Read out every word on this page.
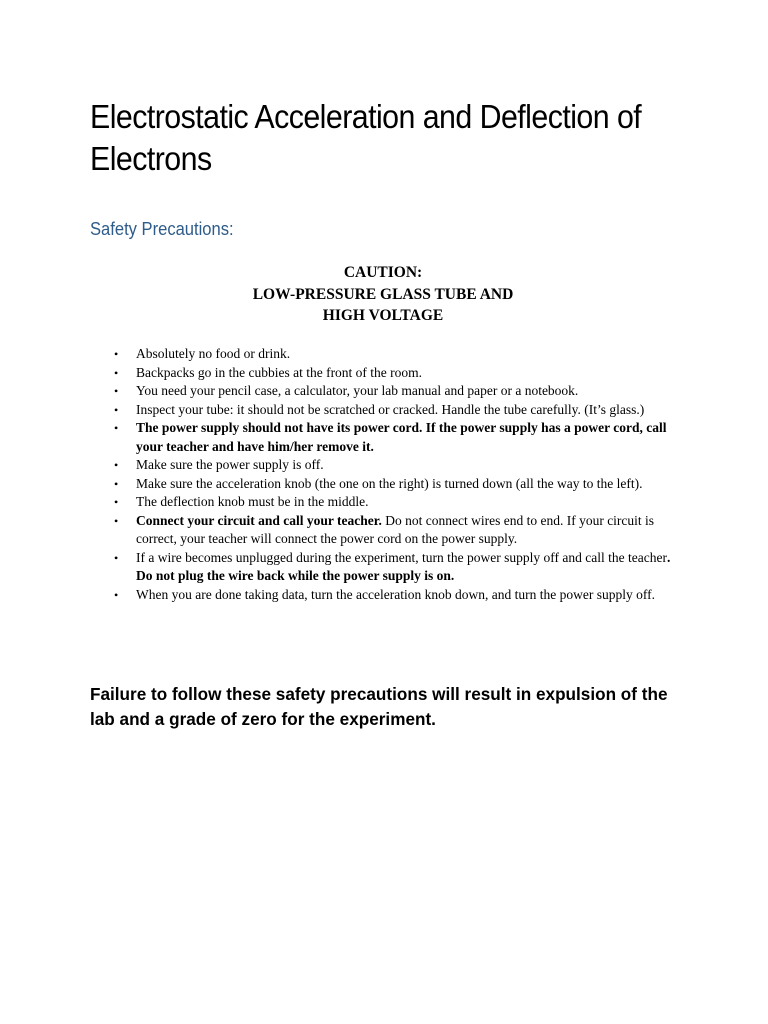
Electrostatic Acceleration and Deflection of Electrons
Safety Precautions:
CAUTION:
LOW-PRESSURE GLASS TUBE AND
HIGH VOLTAGE
• Absolutely no food or drink.
• Backpacks go in the cubbies at the front of the room.
• You need your pencil case, a calculator, your lab manual and paper or a notebook.
• Inspect your tube: it should not be scratched or cracked. Handle the tube carefully. (It’s glass.)
• The power supply should not have its power cord. If the power supply has a power cord, call your teacher and have him/her remove it.
• Make sure the power supply is off.
• Make sure the acceleration knob (the one on the right) is turned down (all the way to the left).
• The deflection knob must be in the middle.
• Connect your circuit and call your teacher. Do not connect wires end to end. If your circuit is correct, your teacher will connect the power cord on the power supply.
• If a wire becomes unplugged during the experiment, turn the power supply off and call the teacher. Do not plug the wire back while the power supply is on.
• When you are done taking data, turn the acceleration knob down, and turn the power supply off.

Failure to follow these safety precautions will result in expulsion of the lab and a grade of zero for the experiment.
